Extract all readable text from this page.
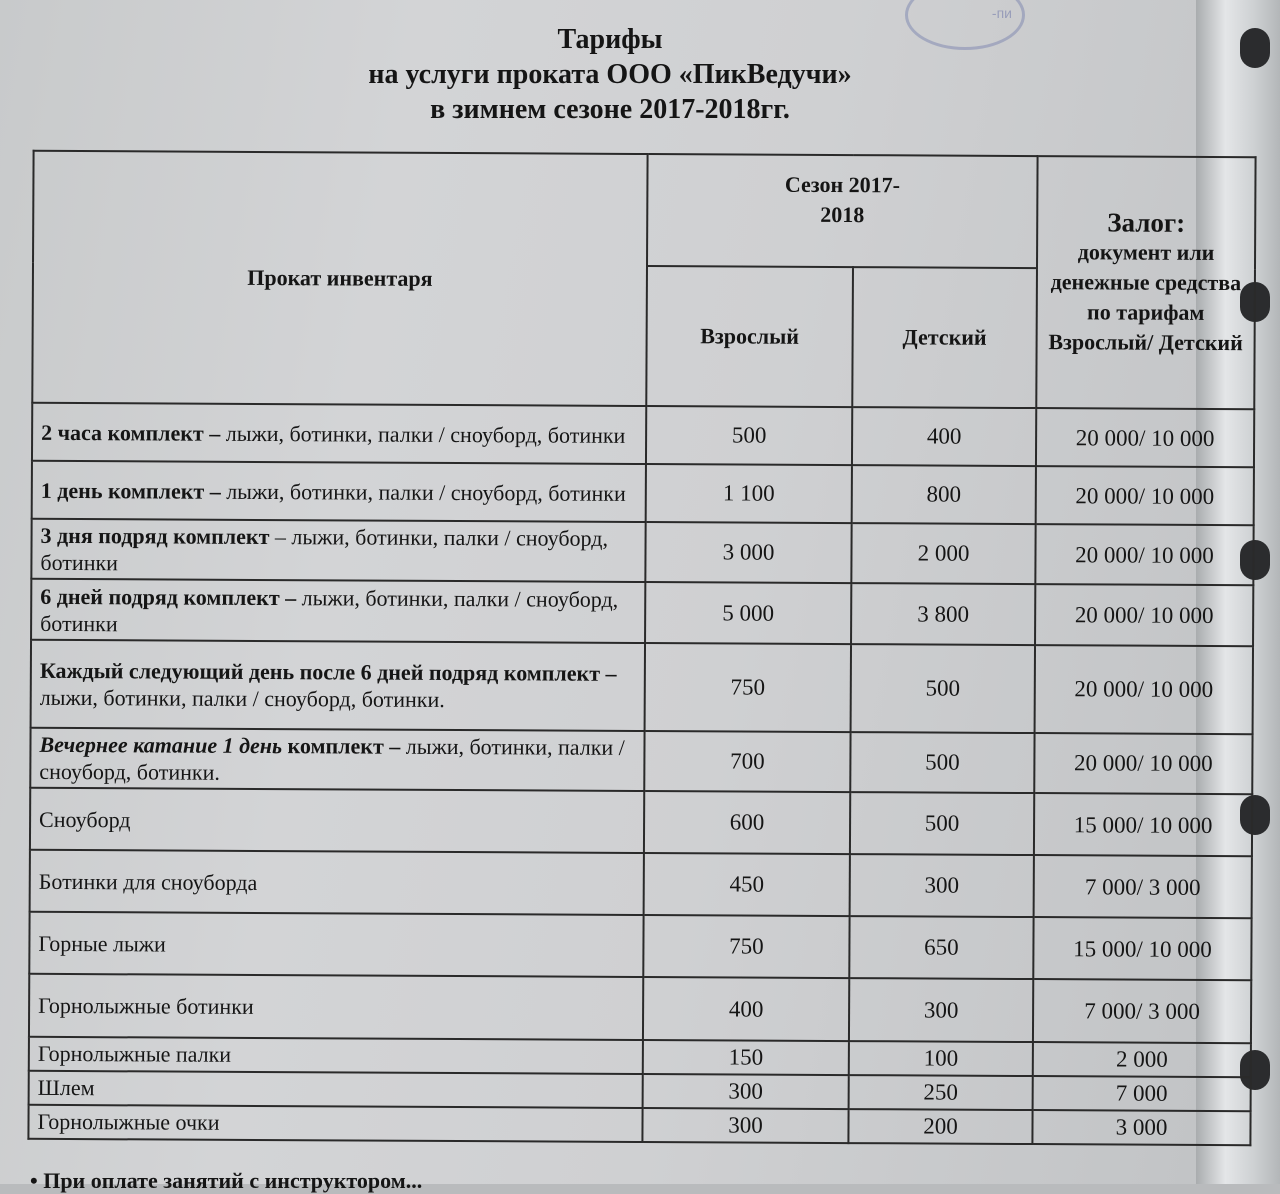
-пи
Тарифы
на услуги проката ООО «ПикВедучи»
в зимнем сезоне 2017-2018гг.
Прокат инвентаря	Сезон 2017-2018		Залог:
документ или денежные средства по тарифам Взрослый/ Детский
	Взрослый	Детский	
2 часа комплект – лыжи, ботинки, палки / сноуборд, ботинки	500	400	20 000/ 10 000
1 день комплект – лыжи, ботинки, палки / сноуборд, ботинки	1 100	800	20 000/ 10 000
3 дня подряд комплект – лыжи, ботинки, палки / сноуборд, ботинки	3 000	2 000	20 000/ 10 000
6 дней подряд комплект – лыжи, ботинки, палки / сноуборд, ботинки	5 000	3 800	20 000/ 10 000
Каждый следующий день после 6 дней подряд комплект – лыжи, ботинки, палки / сноуборд, ботинки.	750	500	20 000/ 10 000
Вечернее катание 1 день комплект – лыжи, ботинки, палки / сноуборд, ботинки.	700	500	20 000/ 10 000
Сноуборд	600	500	15 000/ 10 000
Ботинки для сноуборда	450	300	7 000/ 3 000
Горные лыжи	750	650	15 000/ 10 000
Горнолыжные ботинки	400	300	7 000/ 3 000
Горнолыжные палки	150	100	2 000
Шлем	300	250	7 000
Горнолыжные очки	300	200	3 000
• При оплате занятий с инструктором...
